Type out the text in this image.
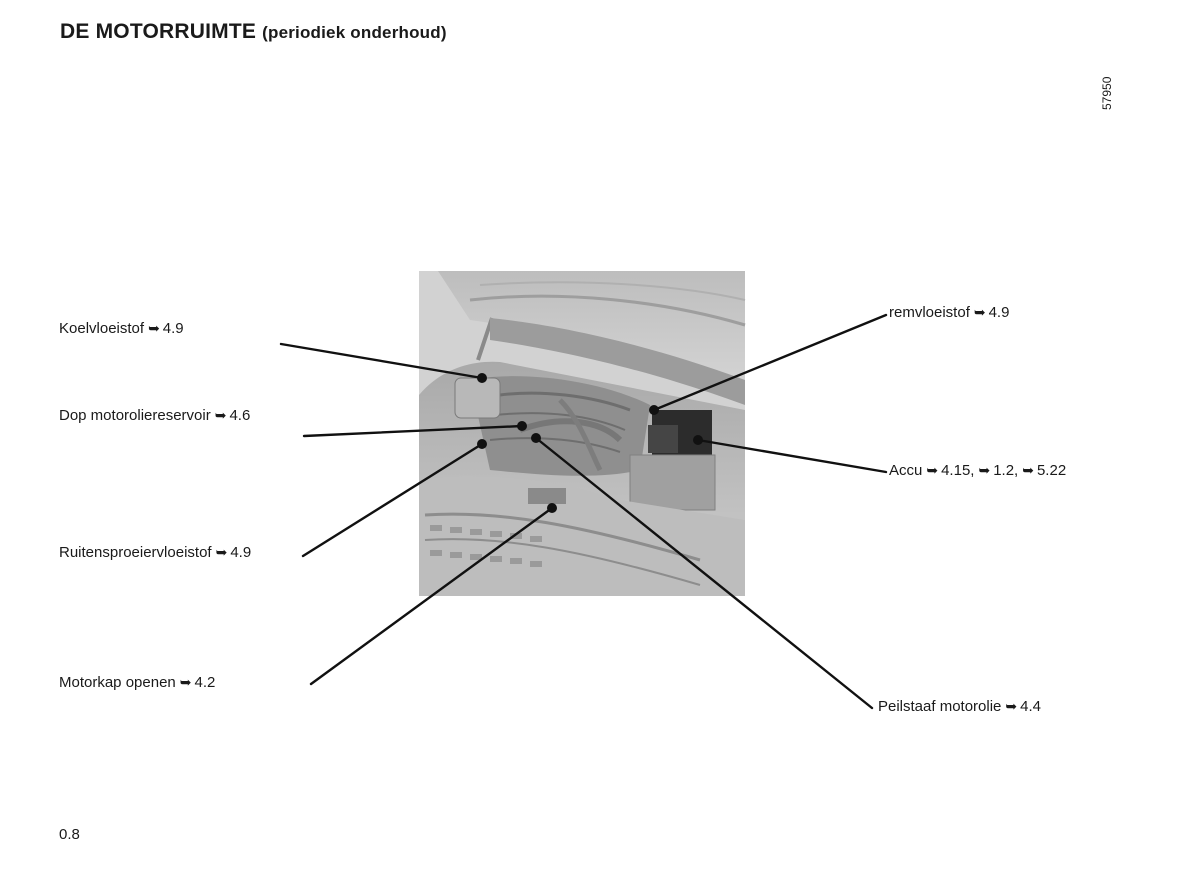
DE MOTORRUIMTE (periodiek onderhoud)
57950
Koelvloeistof ➥ 4.9
Dop motoroliereservoir ➥ 4.6
Ruitensproeiervloeistof ➥ 4.9
Motorkap openen ➥ 4.2
remvloeistof ➥ 4.9
Accu ➥ 4.15, ➥ 1.2, ➥ 5.22
Peilstaaf motorolie ➥ 4.4
0.8
